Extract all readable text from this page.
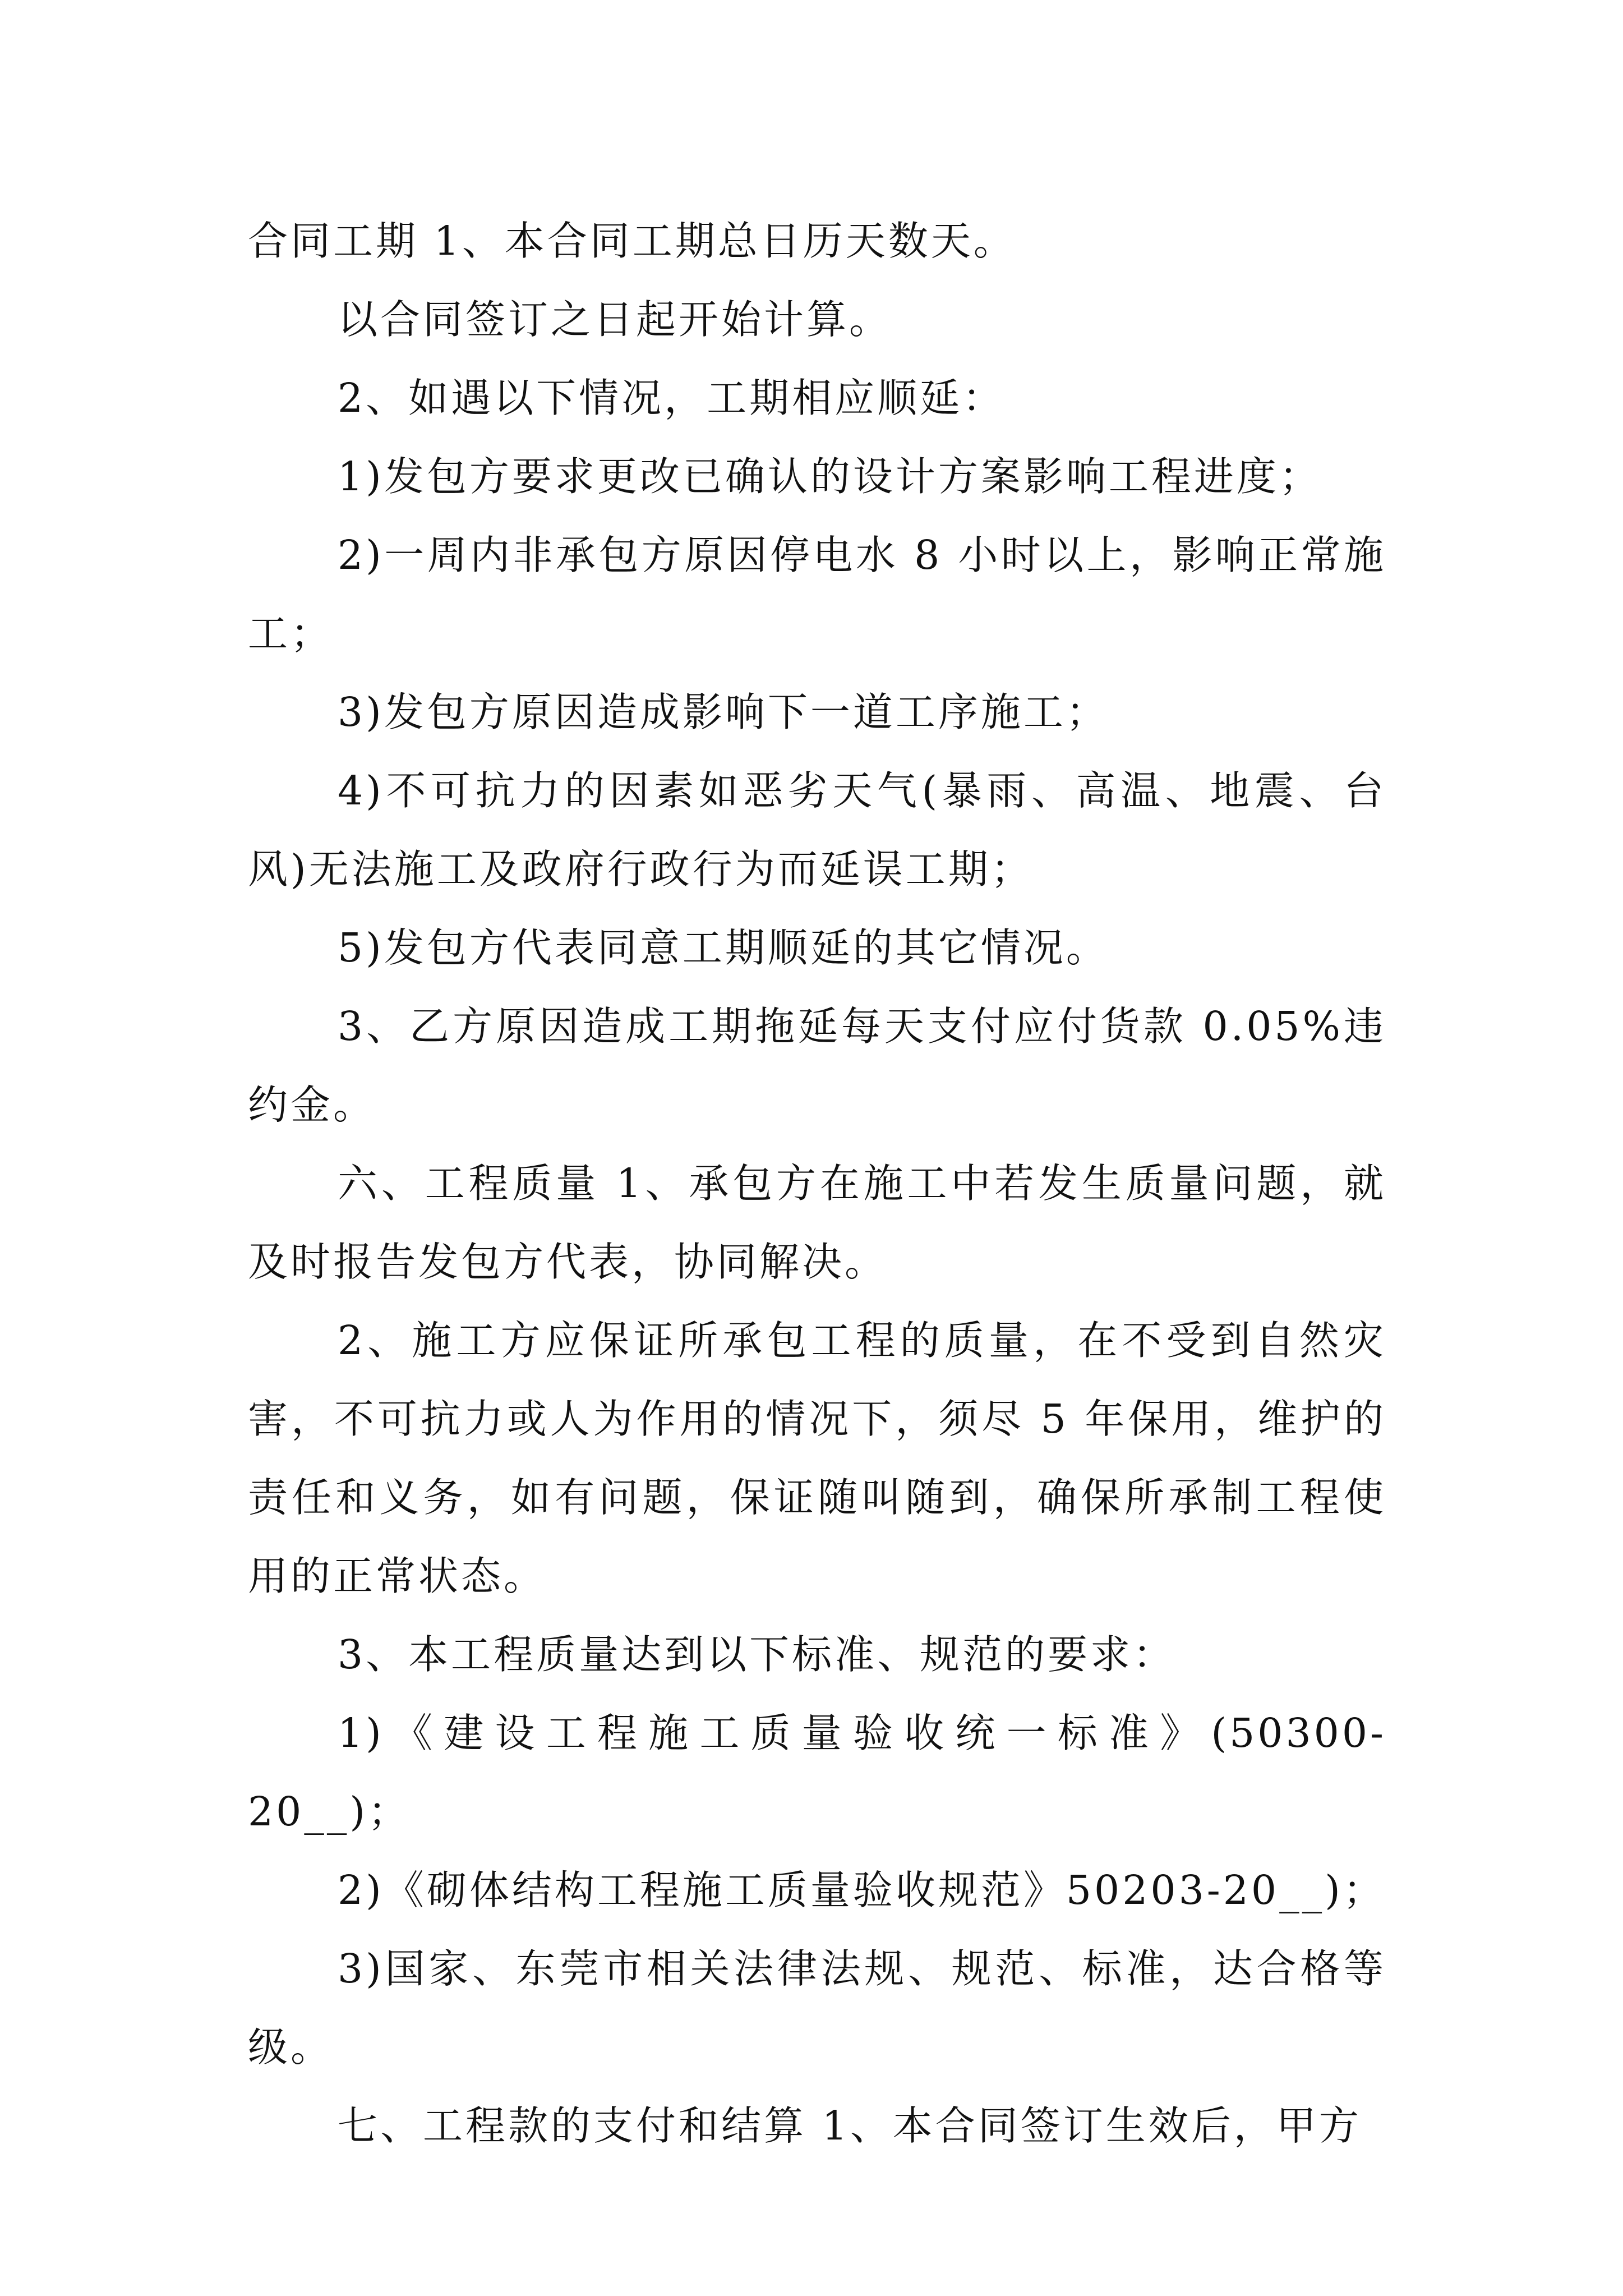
合同工期 1、本合同工期总日历天数天。

以合同签订之日起开始计算。

2、如遇以下情况，工期相应顺延：

1)发包方要求更改已确认的设计方案影响工程进度；

2)一周内非承包方原因停电水 8 小时以上，影响正常施工；

3)发包方原因造成影响下一道工序施工；

4)不可抗力的因素如恶劣天气(暴雨、高温、地震、台风)无法施工及政府行政行为而延误工期；

5)发包方代表同意工期顺延的其它情况。

3、乙方原因造成工期拖延每天支付应付货款 0.05%违约金。

六、工程质量 1、承包方在施工中若发生质量问题，就及时报告发包方代表，协同解决。

2、施工方应保证所承包工程的质量，在不受到自然灾害，不可抗力或人为作用的情况下，须尽 5 年保用，维护的责任和义务，如有问题，保证随叫随到，确保所承制工程使用的正常状态。

3、本工程质量达到以下标准、规范的要求：

1)《建设工程施工质量验收统一标准》(50300-20__)；

2)《砌体结构工程施工质量验收规范》50203-20__)；

3)国家、东莞市相关法律法规、规范、标准，达合格等级。

七、工程款的支付和结算 1、本合同签订生效后，甲方
